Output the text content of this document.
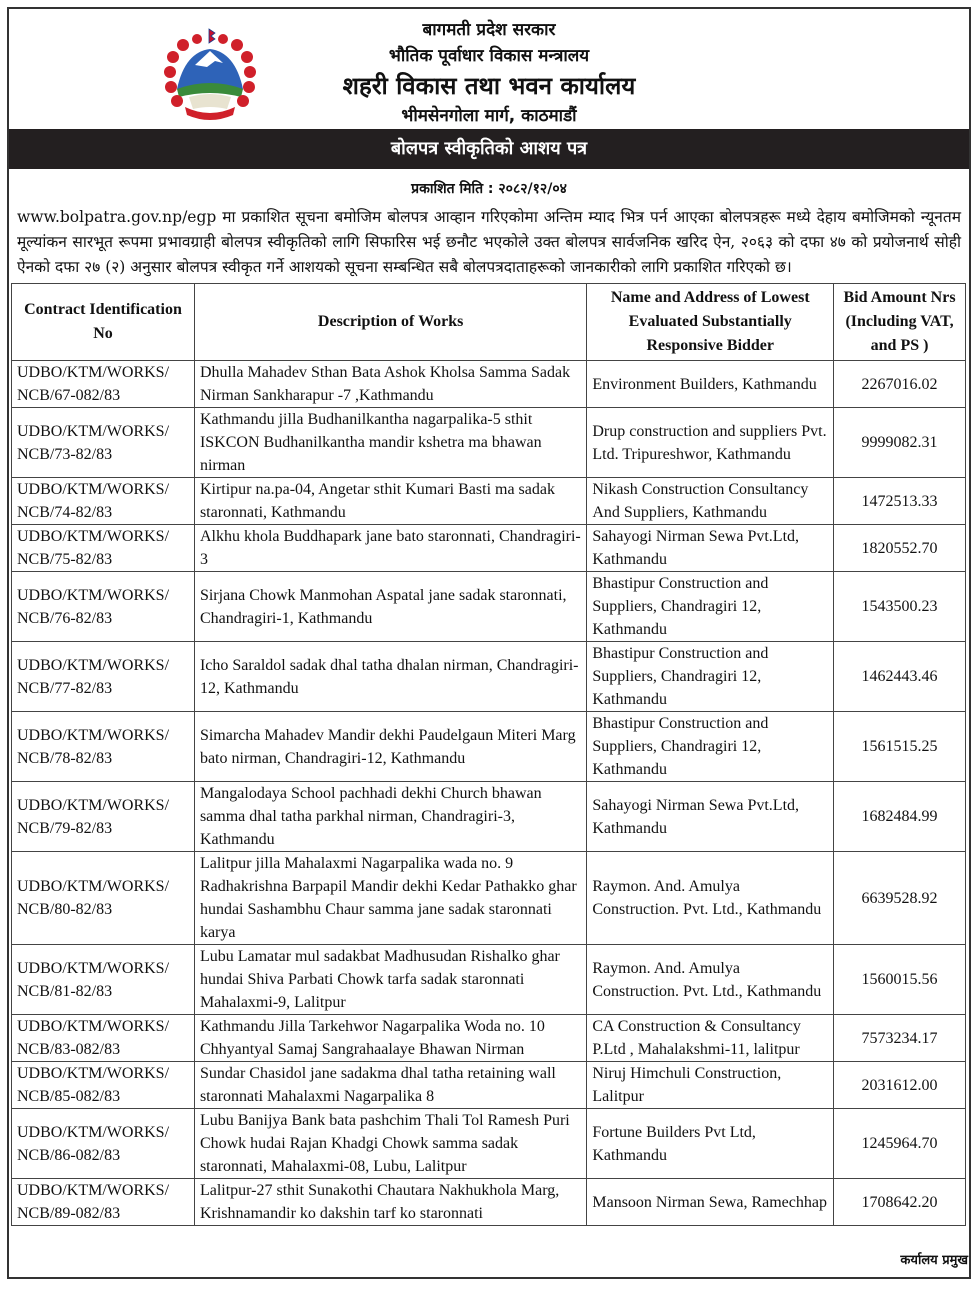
बागमती प्रदेश सरकार
भौतिक पूर्वाधार विकास मन्त्रालय
शहरी विकास तथा भवन कार्यालय
भीमसेनगोला मार्ग, काठमाडौं
बोलपत्र स्वीकृतिको आशय पत्र
प्रकाशित मिति : २०८२/१२/०४
www.bolpatra.gov.np/egp मा प्रकाशित सूचना बमोजिम बोलपत्र आव्हान गरिएकोमा अन्तिम म्याद भित्र पर्न आएका बोलपत्रहरू मध्ये देहाय बमोजिमको न्यूनतम मूल्यांकन सारभूत रूपमा प्रभावग्राही बोलपत्र स्वीकृतिको लागि सिफारिस भई छनौट भएकोले उक्त बोलपत्र सार्वजनिक खरिद ऐन, २०६३ को दफा ४७ को प्रयोजनार्थ सोही ऐनको दफा २७ (२) अनुसार बोलपत्र स्वीकृत गर्ने आशयको सूचना सम्बन्धित सबै बोलपत्रदाताहरूको जानकारीको लागि प्रकाशित गरिएको छ।
Contract Identification No	Description of Works	Name and Address of Lowest Evaluated Substantially Responsive Bidder	Bid Amount Nrs (Including VAT, and PS )
UDBO/KTM/WORKS/ NCB/67-082/83	Dhulla Mahadev Sthan Bata Ashok Kholsa Samma Sadak Nirman Sankharapur -7 ,Kathmandu	Environment Builders, Kathmandu	2267016.02
UDBO/KTM/WORKS/ NCB/73-82/83	Kathmandu jilla Budhanilkantha nagarpalika-5 sthit ISKCON Budhanilkantha mandir kshetra ma bhawan nirman	Drup construction and suppliers Pvt. Ltd. Tripureshwor, Kathmandu	9999082.31
UDBO/KTM/WORKS/ NCB/74-82/83	Kirtipur na.pa-04, Angetar sthit Kumari Basti ma sadak staronnati, Kathmandu	Nikash Construction Consultancy And Suppliers, Kathmandu	1472513.33
UDBO/KTM/WORKS/ NCB/75-82/83	Alkhu khola Buddhapark jane bato staronnati, Chandragiri-3	Sahayogi Nirman Sewa Pvt.Ltd, Kathmandu	1820552.70
UDBO/KTM/WORKS/ NCB/76-82/83	Sirjana Chowk Manmohan Aspatal jane sadak staronnati, Chandragiri-1, Kathmandu	Bhastipur Construction and Suppliers, Chandragiri 12, Kathmandu	1543500.23
UDBO/KTM/WORKS/ NCB/77-82/83	Icho Saraldol sadak dhal tatha dhalan nirman, Chandragiri-12, Kathmandu	Bhastipur Construction and Suppliers, Chandragiri 12, Kathmandu	1462443.46
UDBO/KTM/WORKS/ NCB/78-82/83	Simarcha Mahadev Mandir dekhi Paudelgaun Miteri Marg bato nirman, Chandragiri-12, Kathmandu	Bhastipur Construction and Suppliers, Chandragiri 12, Kathmandu	1561515.25
UDBO/KTM/WORKS/ NCB/79-82/83	Mangalodaya School pachhadi dekhi Church bhawan samma dhal tatha parkhal nirman, Chandragiri-3, Kathmandu	Sahayogi Nirman Sewa Pvt.Ltd, Kathmandu	1682484.99
UDBO/KTM/WORKS/ NCB/80-82/83	Lalitpur jilla Mahalaxmi Nagarpalika wada no. 9 Radhakrishna Barpapil Mandir dekhi Kedar Pathakko ghar hundai Sashambhu Chaur samma jane sadak staronnati karya	Raymon. And. Amulya Construction. Pvt. Ltd., Kathmandu	6639528.92
UDBO/KTM/WORKS/ NCB/81-82/83	Lubu Lamatar mul sadakbat Madhusudan Rishalko ghar hundai Shiva Parbati Chowk tarfa sadak staronnati Mahalaxmi-9, Lalitpur	Raymon. And. Amulya Construction. Pvt. Ltd., Kathmandu	1560015.56
UDBO/KTM/WORKS/ NCB/83-082/83	Kathmandu Jilla Tarkehwor Nagarpalika Woda no. 10 Chhyantyal Samaj Sangrahaalaye Bhawan Nirman	CA Construction & Consultancy P.Ltd , Mahalakshmi-11, lalitpur	7573234.17
UDBO/KTM/WORKS/ NCB/85-082/83	Sundar Chasidol jane sadakma dhal tatha retaining wall staronnati Mahalaxmi Nagarpalika 8	Niruj Himchuli Construction, Lalitpur	2031612.00
UDBO/KTM/WORKS/ NCB/86-082/83	Lubu Banijya Bank bata pashchim Thali Tol Ramesh Puri Chowk hudai Rajan Khadgi Chowk samma sadak staronnati, Mahalaxmi-08, Lubu, Lalitpur	Fortune Builders Pvt Ltd, Kathmandu	1245964.70
UDBO/KTM/WORKS/ NCB/89-082/83	Lalitpur-27 sthit Sunakothi Chautara Nakhukhola Marg, Krishnamandir ko dakshin tarf ko staronnati	Mansoon Nirman Sewa, Ramechhap	1708642.20
कर्यालय प्रमुख
